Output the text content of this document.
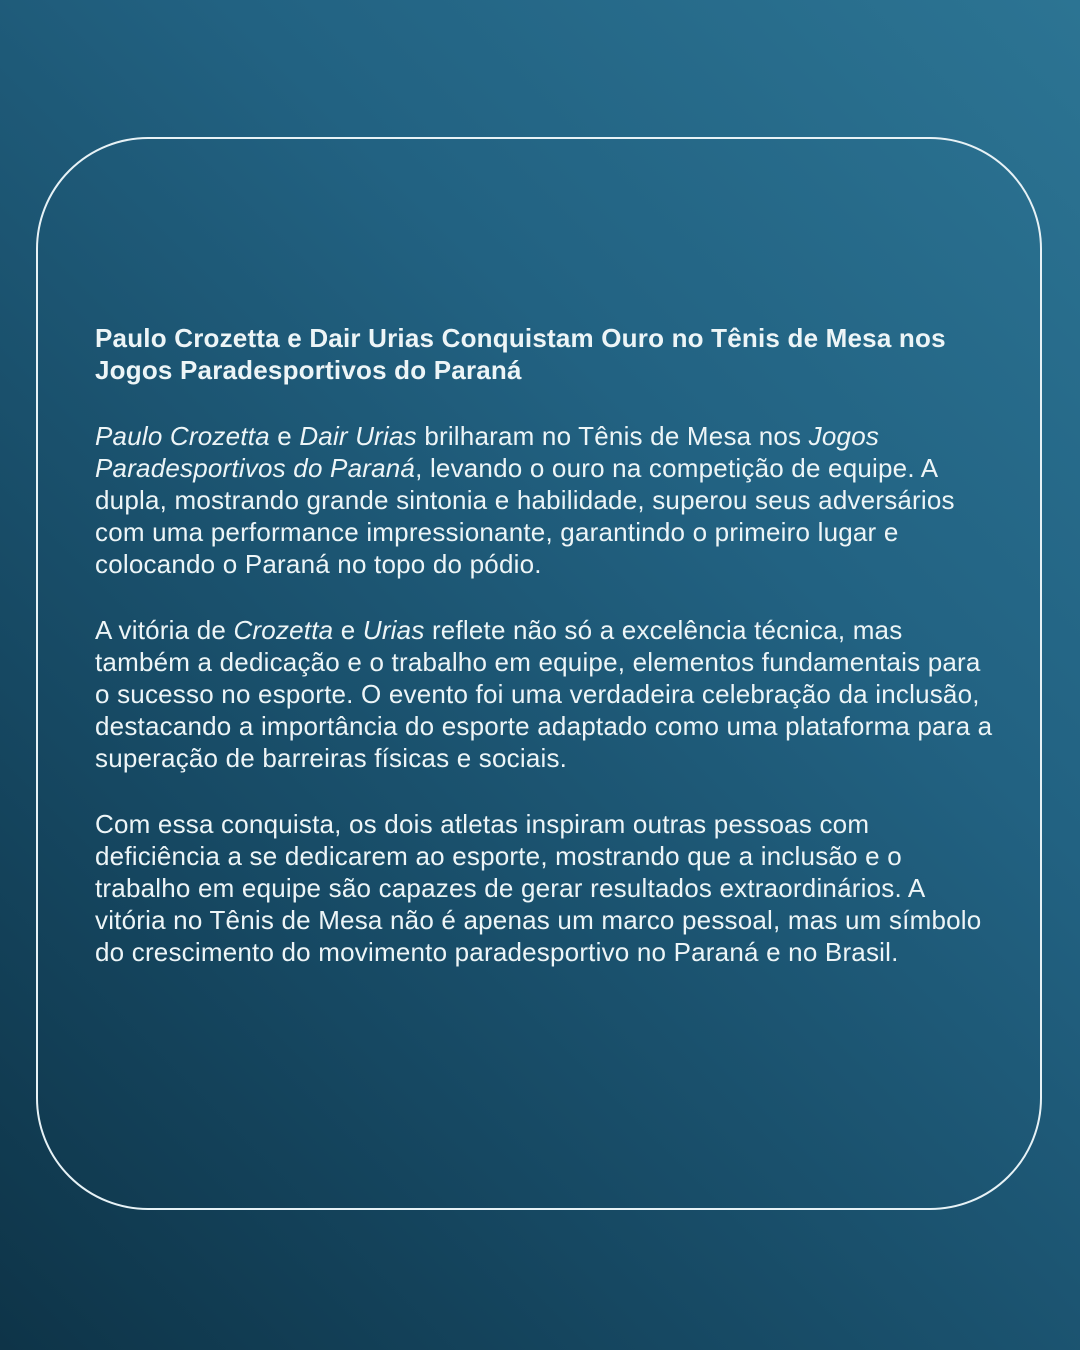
Paulo Crozetta e Dair Urias Conquistam Ouro no Tênis de Mesa nos Jogos Paradesportivos do Paraná

Paulo Crozetta e Dair Urias brilharam no Tênis de Mesa nos Jogos Paradesportivos do Paraná, levando o ouro na competição de equipe. A dupla, mostrando grande sintonia e habilidade, superou seus adversários com uma performance impressionante, garantindo o primeiro lugar e colocando o Paraná no topo do pódio.

A vitória de Crozetta e Urias reflete não só a excelência técnica, mas também a dedicação e o trabalho em equipe, elementos fundamentais para o sucesso no esporte. O evento foi uma verdadeira celebração da inclusão, destacando a importância do esporte adaptado como uma plataforma para a superação de barreiras físicas e sociais.

Com essa conquista, os dois atletas inspiram outras pessoas com deficiência a se dedicarem ao esporte, mostrando que a inclusão e o trabalho em equipe são capazes de gerar resultados extraordinários. A vitória no Tênis de Mesa não é apenas um marco pessoal, mas um símbolo do crescimento do movimento paradesportivo no Paraná e no Brasil.
